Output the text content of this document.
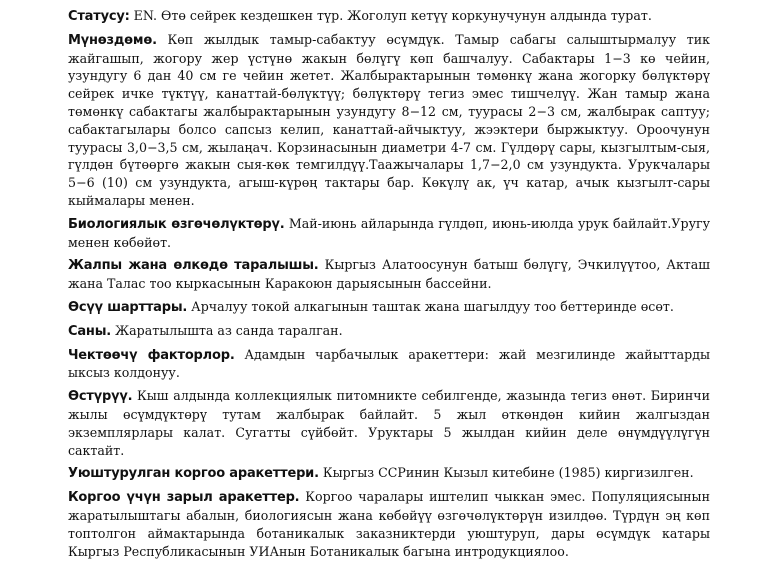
Статусу: EN. Өтө сейрек кездешкен түр. Жоголуп кетүү коркунучунун алдында турат.

Мүнөздөмө. Көп жылдык тамыр-сабактуу өсүмдүк. Тамыр сабагы салыштырмалуу тик жайгашып, жогору жер үстүнө жакын бөлүгү көп башчалуу. Сабактары 1−3 кө чейин, узундугу 6 дан 40 см ге чейин жетет. Жалбырактарынын төмөнкү жана жогорку бөлүктөрү сейрек ичке түктүү, канаттай-бөлүктүү; бөлүктөрү тегиз эмес тишчелүү. Жан тамыр жана төмөнкү сабактагы жалбырактарынын узундугу 8−12 см, туурасы 2−3 см, жалбырак саптуу; сабактагылары болсо сапсыз келип, канаттай-айчыктуу, жээктери быржыктуу. Ороочунун туурасы 3,0−3,5 см, жылаңач. Корзинасынын диаметри 4-7 см. Гүлдөрү сары, кызгылтым-сыя, гүлдөн бүтөөргө жакын сыя-көк темгилдүү.Таажычалары 1,7−2,0 см узундукта. Урукчалары 5−6 (10) см узундукта, агыш-күрөң тактары бар. Көкүлү ак, үч катар, ачык кызгылт-сары кыймалары менен.

Биологиялык өзгөчөлүктөрү. Май-июнь айларында гүлдөп, июнь-июлда урук байлайт.Уругу менен көбөйөт.

Жалпы жана өлкөдө таралышы. Кыргыз Алатоосунун батыш бөлүгү, Эчкилүүтоо, Акташ жана Талас тоо кыркасынын Каракоюн дарыясынын бассейни.

Өсүү шарттары. Арчалуу токой алкагынын таштак жана шагылдуу тоо беттеринде өсөт.

Саны. Жаратылышта аз санда таралган.

Чектөөчү факторлор. Адамдын чарбачылык аракеттери: жай мезгилинде жайыттарды ыксыз колдонуу.

Өстүрүү. Кыш алдында коллекциялык питомникте себилгенде, жазында тегиз өнөт. Биринчи жылы өсүмдүктөрү тутам жалбырак байлайт. 5 жыл өткөндөн кийин жалгыздан экземплярлары калат. Сугатты сүйбөйт. Уруктары 5 жылдан кийин деле өнүмдүүлүгүн сактайт.

Уюштурулган коргоо аракеттери. Кыргыз ССРинин Кызыл китебине (1985) киргизилген.

Коргоо үчүн зарыл аракеттер. Коргоо чаралары иштелип чыккан эмес. Популяциясынын жаратылыштагы абалын, биологиясын жана көбөйүү өзгөчөлүктөрүн изилдөө. Түрдүн эң көп топтолгон аймактарында ботаникалык заказниктерди уюштуруп, дары өсүмдүк катары Кыргыз Республикасынын УИАнын Ботаникалык багына интродукциялоо.
